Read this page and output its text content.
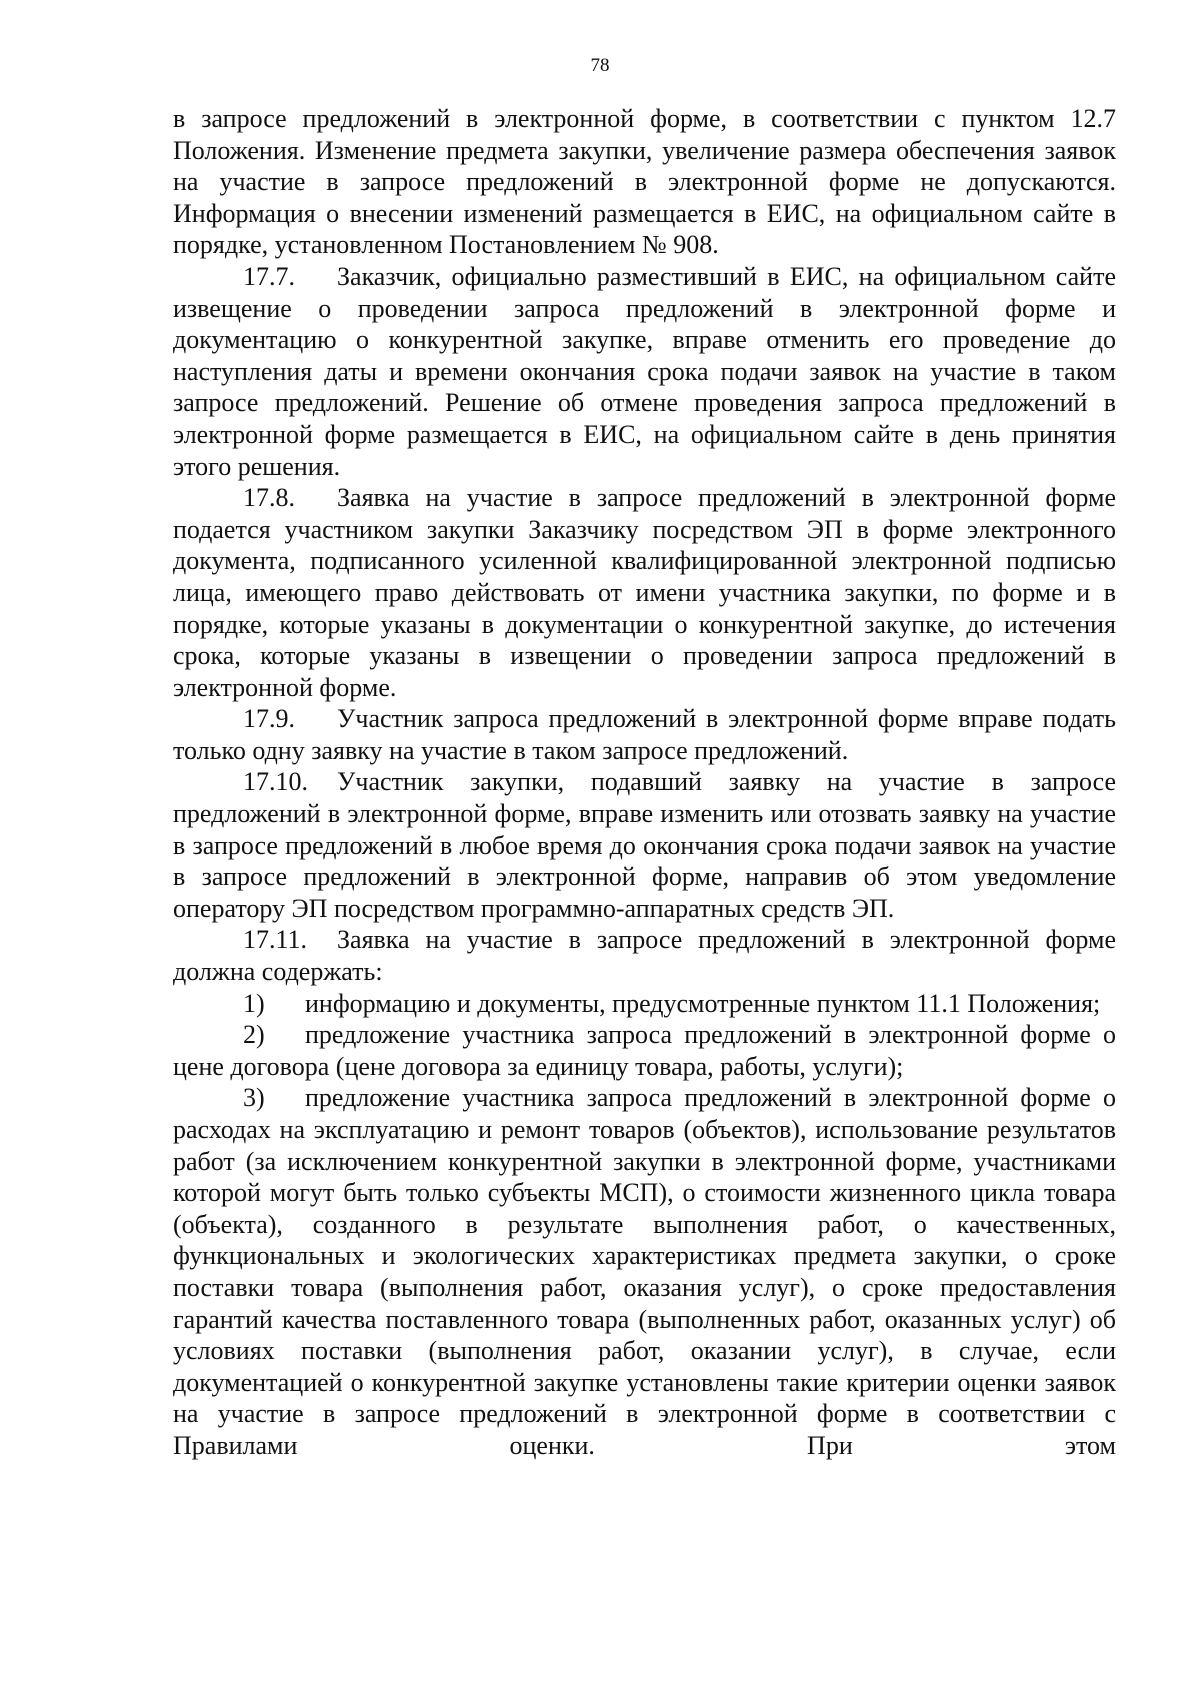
78

в запросе предложений в электронной форме, в соответствии с пунктом 12.7 Положения. Изменение предмета закупки, увеличение размера обеспечения заявок на участие в запросе предложений в электронной форме не допускаются. Информация о внесении изменений размещается в ЕИС, на официальном сайте в порядке, установленном Постановлением № 908.

17.7. Заказчик, официально разместивший в ЕИС, на официальном сайте извещение о проведении запроса предложений в электронной форме и документацию о конкурентной закупке, вправе отменить его проведение до наступления даты и времени окончания срока подачи заявок на участие в таком запросе предложений. Решение об отмене проведения запроса предложений в электронной форме размещается в ЕИС, на официальном сайте в день принятия этого решения.

17.8. Заявка на участие в запросе предложений в электронной форме подается участником закупки Заказчику посредством ЭП в форме электронного документа, подписанного усиленной квалифицированной электронной подписью лица, имеющего право действовать от имени участника закупки, по форме и в порядке, которые указаны в документации о конкурентной закупке, до истечения срока, которые указаны в извещении о проведении запроса предложений в электронной форме.

17.9. Участник запроса предложений в электронной форме вправе подать только одну заявку на участие в таком запросе предложений.

17.10. Участник закупки, подавший заявку на участие в запросе предложений в электронной форме, вправе изменить или отозвать заявку на участие в запросе предложений в любое время до окончания срока подачи заявок на участие в запросе предложений в электронной форме, направив об этом уведомление оператору ЭП посредством программно-аппаратных средств ЭП.

17.11. Заявка на участие в запросе предложений в электронной форме должна содержать:

1) информацию и документы, предусмотренные пунктом 11.1 Положения;

2) предложение участника запроса предложений в электронной форме о цене договора (цене договора за единицу товара, работы, услуги);

3) предложение участника запроса предложений в электронной форме о расходах на эксплуатацию и ремонт товаров (объектов), использование результатов работ (за исключением конкурентной закупки в электронной форме, участниками которой могут быть только субъекты МСП), о стоимости жизненного цикла товара (объекта), созданного в результате выполнения работ, о качественных, функциональных и экологических характеристиках предмета закупки, о сроке поставки товара (выполнения работ, оказания услуг), о сроке предоставления гарантий качества поставленного товара (выполненных работ, оказанных услуг) об условиях поставки (выполнения работ, оказании услуг), в случае, если документацией о конкурентной закупке установлены такие критерии оценки заявок на участие в запросе предложений в электронной форме в соответствии с Правилами оценки. При этом
